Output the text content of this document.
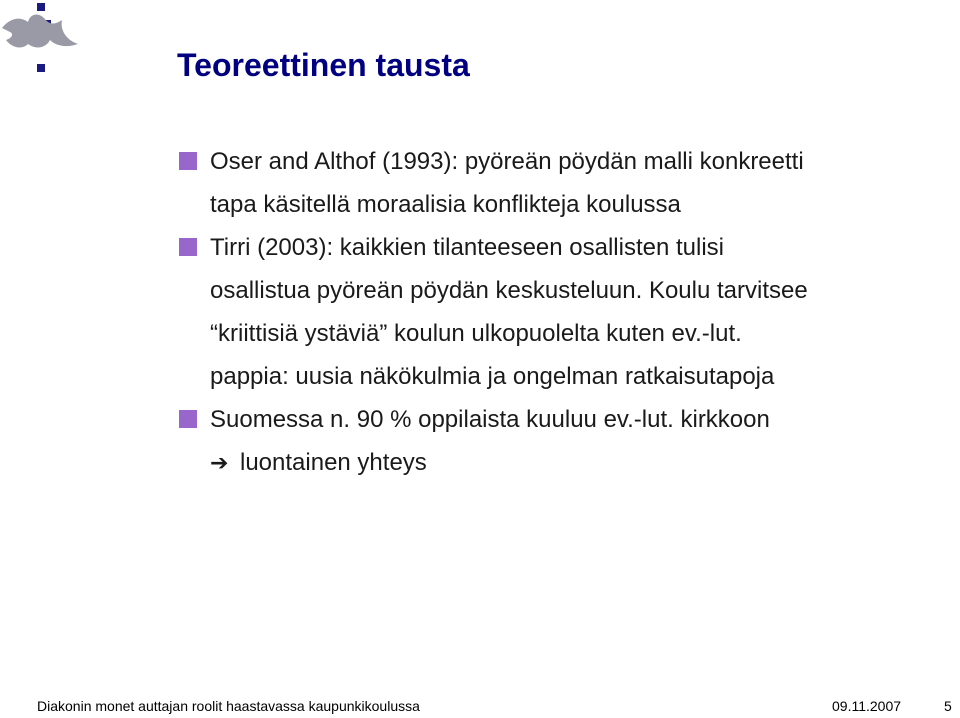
Teoreettinen tausta
Oser and Althof (1993): pyöreän pöydän malli konkreetti
tapa käsitellä moraalisia konflikteja koulussa
Tirri (2003): kaikkien tilanteeseen osallisten tulisi
osallistua pyöreän pöydän keskusteluun. Koulu tarvitsee
“kriittisiä ystäviä” koulun ulkopuolelta kuten ev.-lut.
pappia: uusia näkökulmia ja ongelman ratkaisutapoja
Suomessa n. 90 % oppilaista kuuluu ev.-lut. kirkkoon
➔ luontainen yhteys
Diakonin monet auttajan roolit haastavassa kaupunkikoulussa	09.11.2007	5
